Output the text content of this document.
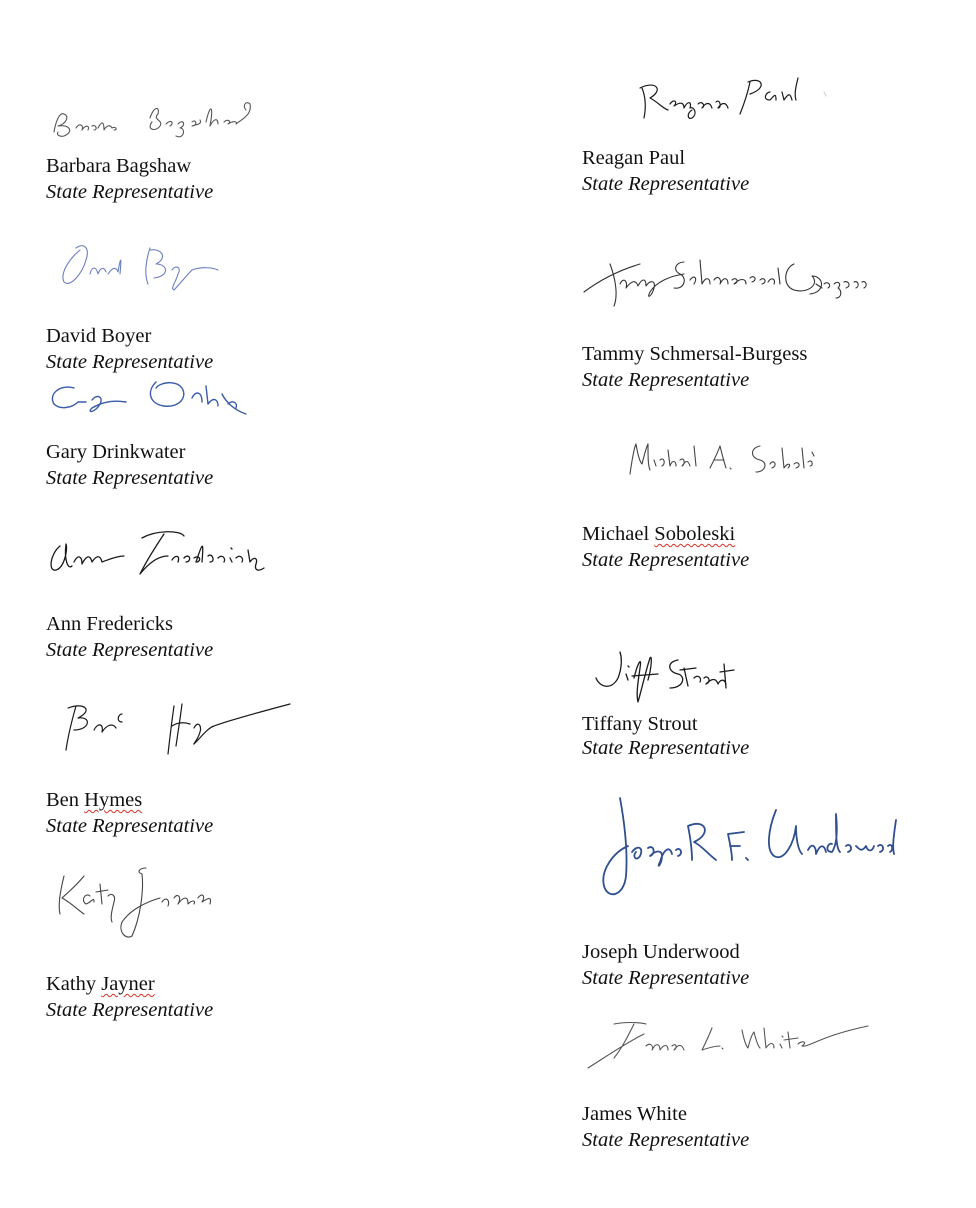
Barbara Bagshaw
State Representative
David Boyer
State Representative
Gary Drinkwater
State Representative
Ann Fredericks
State Representative
Ben Hymes
State Representative
Kathy Jayner
State Representative
Reagan Paul
State Representative
Tammy Schmersal-Burgess
State Representative
Michael Soboleski
State Representative
Tiffany Strout
State Representative
Joseph Underwood
State Representative
James White
State Representative
